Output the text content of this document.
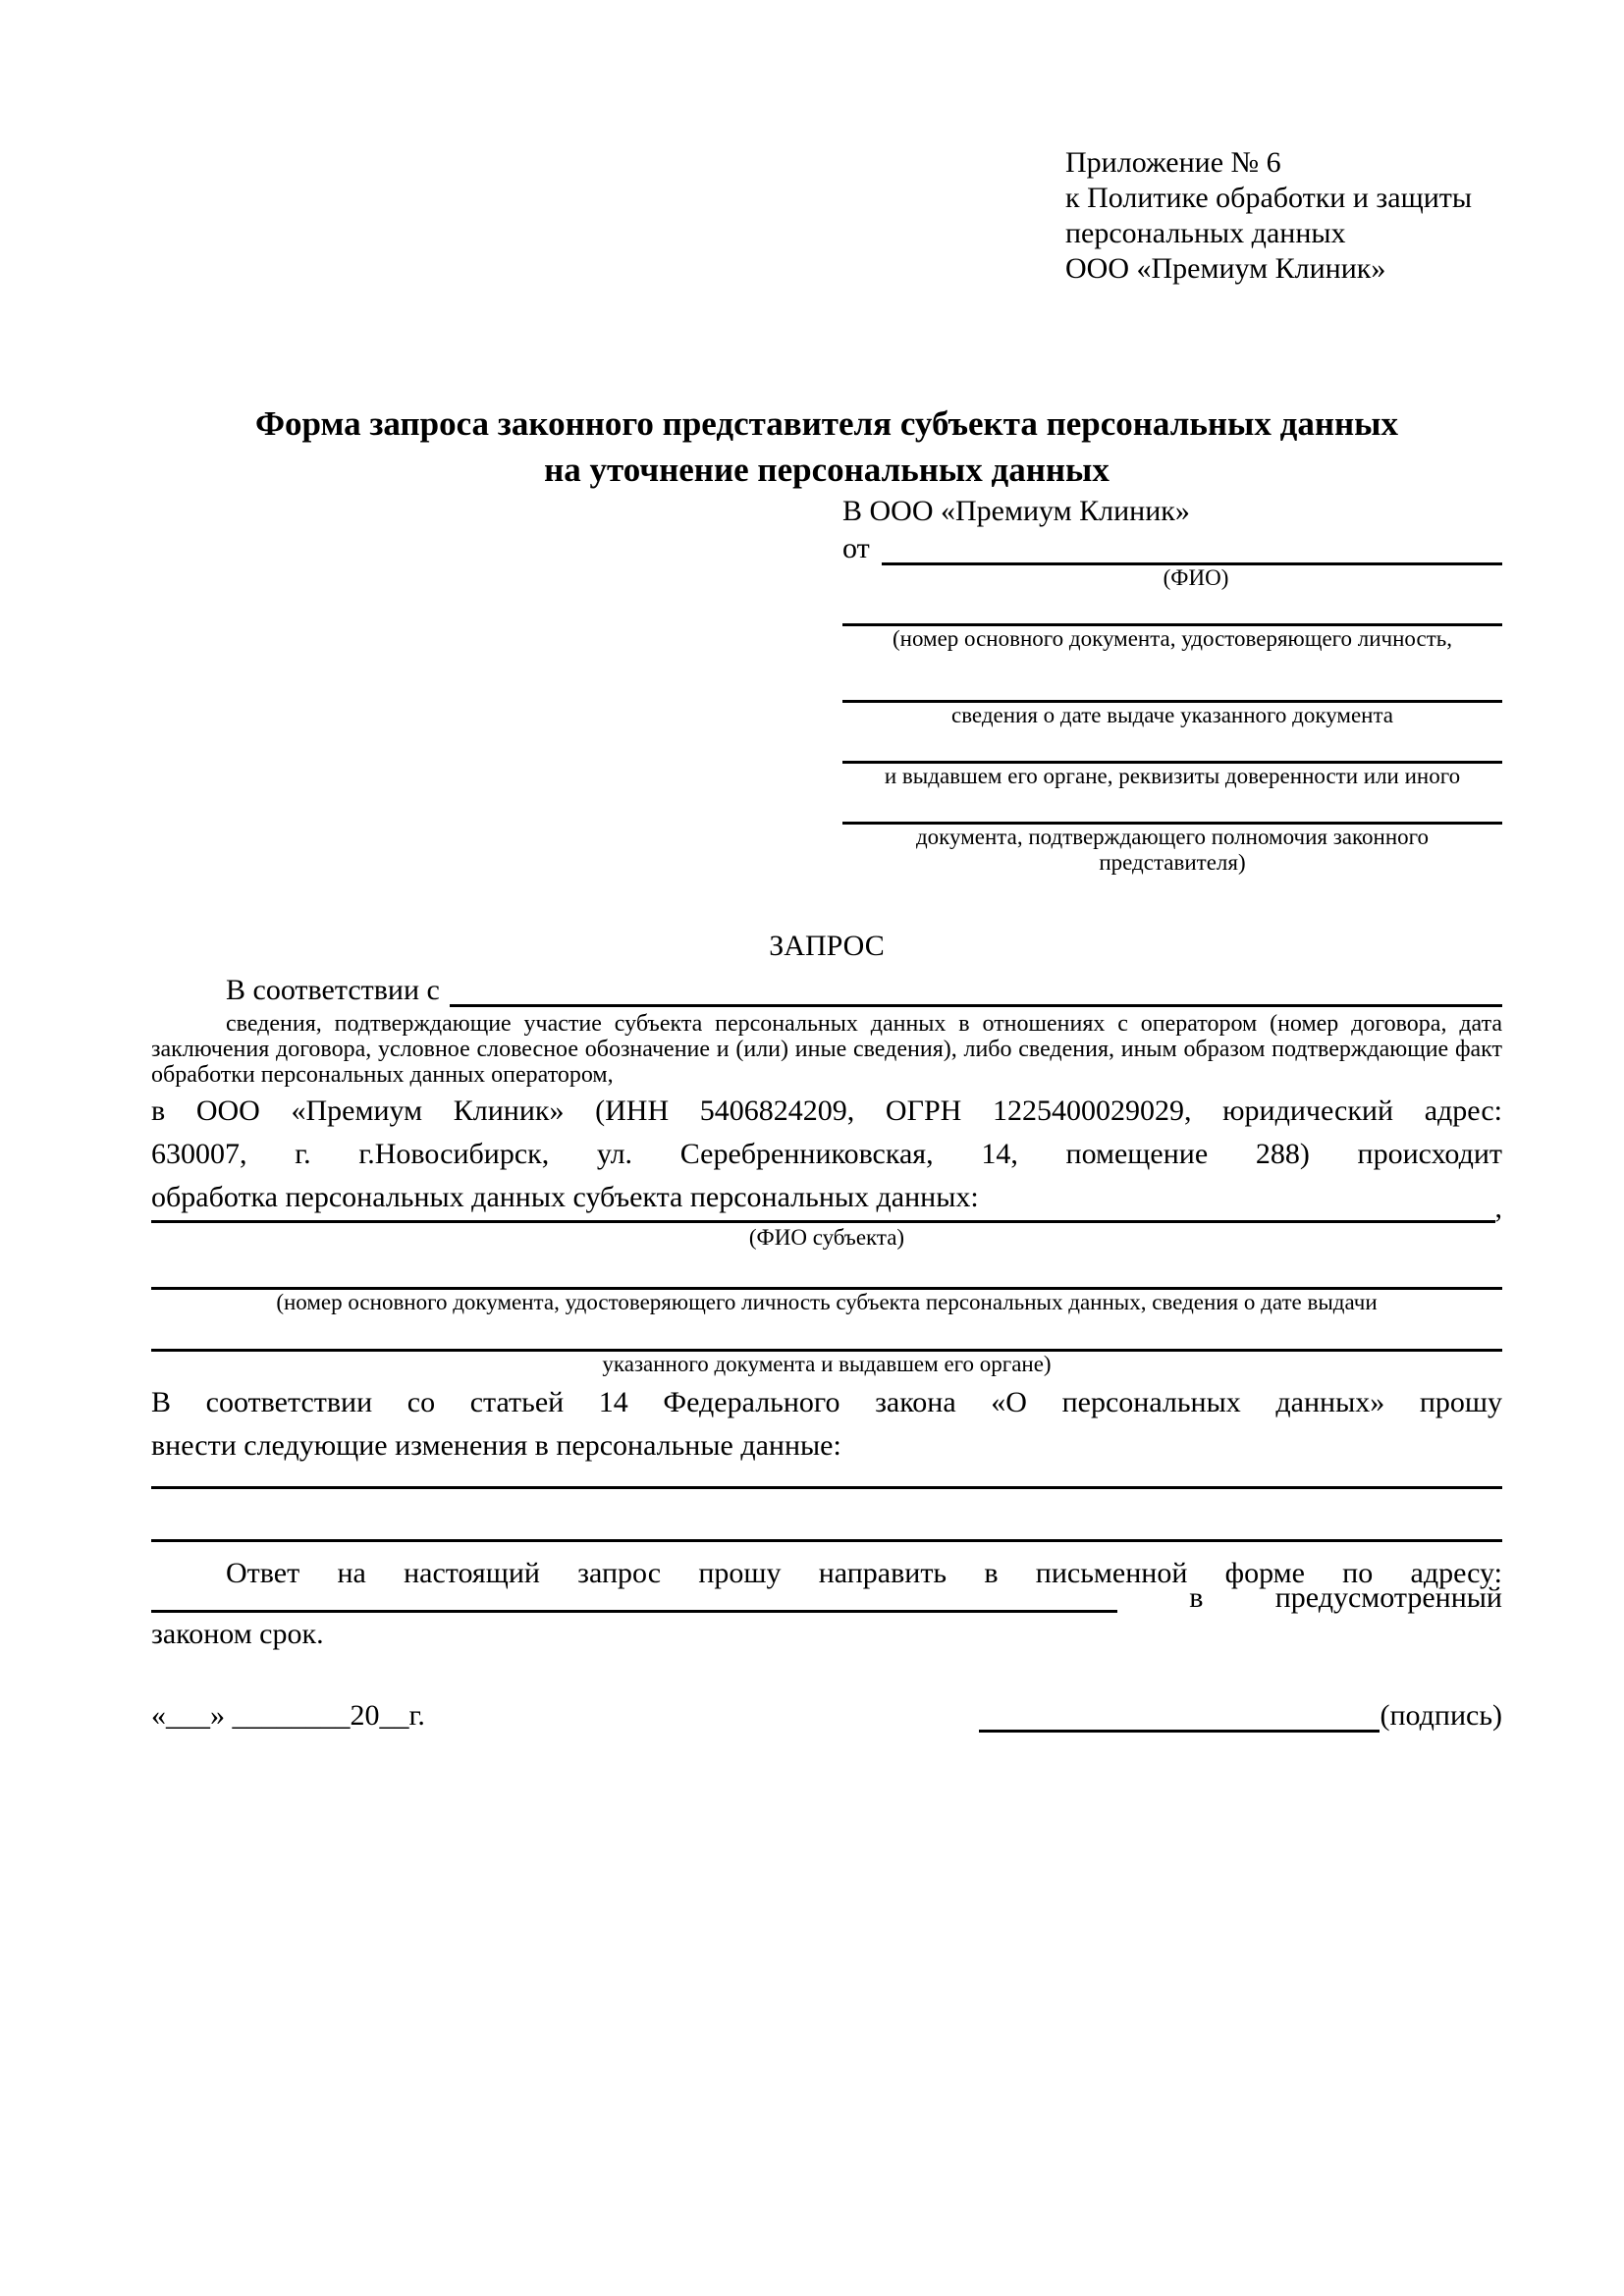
Приложение № 6
к Политике обработки и защиты
персональных данных
ООО «Премиум Клиник»
Форма запроса законного представителя субъекта персональных данных
на уточнение персональных данных
В ООО «Премиум Клиник»
от
(ФИО)
(номер основного документа, удостоверяющего личность,
сведения о дате выдаче указанного документа
и выдавшем его органе, реквизиты доверенности или иного
документа, подтверждающего полномочия законного представителя)
ЗАПРОС
В соответствии с
сведения, подтверждающие участие субъекта персональных данных в отношениях с оператором (номер договора, дата
заключения договора, условное словесное обозначение и (или) иные сведения), либо сведения, иным образом подтверждающие факт
обработки персональных данных оператором,
в ООО «Премиум Клиник» (ИНН 5406824209, ОГРН 1225400029029, юридический адрес:
630007, г. г.Новосибирск, ул. Серебренниковская, 14, помещение 288) происходит
обработка персональных данных субъекта персональных данных:	,
(ФИО субъекта)
(номер основного документа, удостоверяющего личность субъекта персональных данных, сведения о дате выдачи
указанного документа и выдавшем его органе)
В соответствии со статьей 14 Федерального закона «О персональных данных» прошу
внести следующие изменения в персональные данные:
Ответ на настоящий запрос прошу направить в письменной форме по адресу:
в предусмотренный
законом срок.
«___» ________20__г.	(подпись)
